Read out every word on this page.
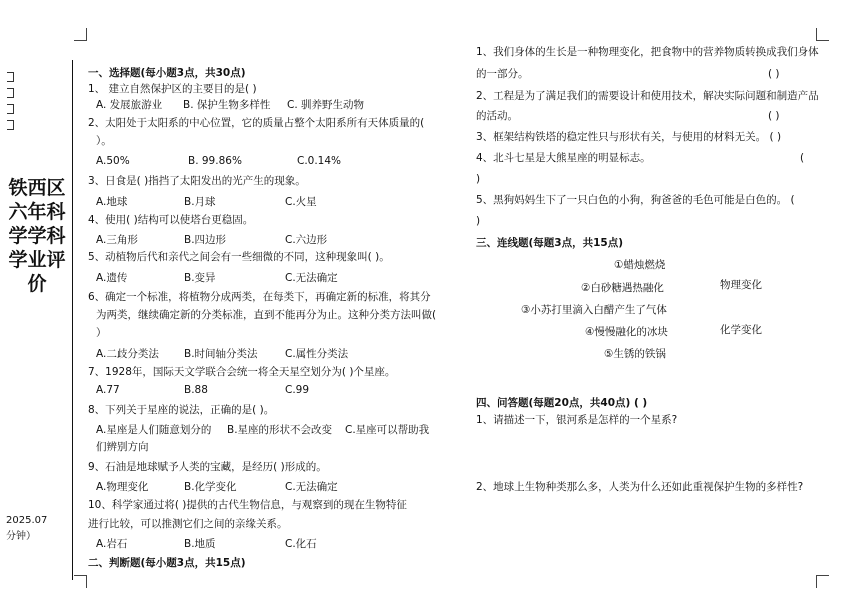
铁西区
六年科
学学科
学业评
价
2025.07
分钟）
一、选择题(每小题3点，共30点)
1、 建立自然保护区的主要目的是( )
A. 发展旅游业 B. 保护生物多样性 C. 驯养野生动物
2、太阳处于太阳系的中心位置，它的质量占整个太阳系所有天体质量的(
）。
A.50%	B. 99.86%	C.0.14%
3、日食是( )指挡了太阳发出的光产生的现象。
A.地球	B.月球	C.火星
4、使用( )结构可以使塔台更稳固。
A.三角形	B.四边形	C.六边形
5、动植物后代和亲代之间会有一些细微的不同，这种现象叫( )。
A.遗传	B.变异	C.无法确定
6、确定一个标准，将植物分成两类，在每类下，再确定新的标准，将其分
为两类，继续确定新的分类标准，直到不能再分为止。这种分类方法叫做(
）
A.二歧分类法 B.时间轴分类法	C.属性分类法
7、1928年，国际天文学联合会统一将全天星空划分为( )个星座。
A.77	B.88	C.99
8、下列关于星座的说法，正确的是( )。
A.星座是人们随意划分的 B.星座的形状不会改变 C.星座可以帮助我
们辨别方向
9、石油是地球赋予人类的宝藏，是经历( )形成的。
A.物理变化	B.化学变化	C.无法确定
10、科学家通过将( )提供的古代生物信息，与观察到的现在生物特征
进行比较，可以推测它们之间的亲缘关系。
A.岩石	B.地质	C.化石
二、判断题(每小题3点，共15点)
1、我们身体的生长是一种物理变化，把食物中的营养物质转换成我们身体
的一部分。	( )
2、工程是为了满足我们的需要设计和使用技术，解决实际问题和制造产品
的活动。	( )
3、框架结构铁塔的稳定性只与形状有关，与使用的材料无关。 ( )
4、北斗七星是大熊星座的明显标志。	(
)
5、黑狗妈妈生下了一只白色的小狗，狗爸爸的毛色可能是白色的。 (
)
三、连线题(每题3点，共15点)
①蜡烛燃烧
②白砂糖遇热融化
③小苏打里滴入白醋产生了气体
④慢慢融化的冰块
⑤生锈的铁锅
物理变化
化学变化
四、问答题(每题20点，共40点) ( )
1、请描述一下，银河系是怎样的一个星系?
2、地球上生物种类那么多，人类为什么还如此重视保护生物的多样性?
